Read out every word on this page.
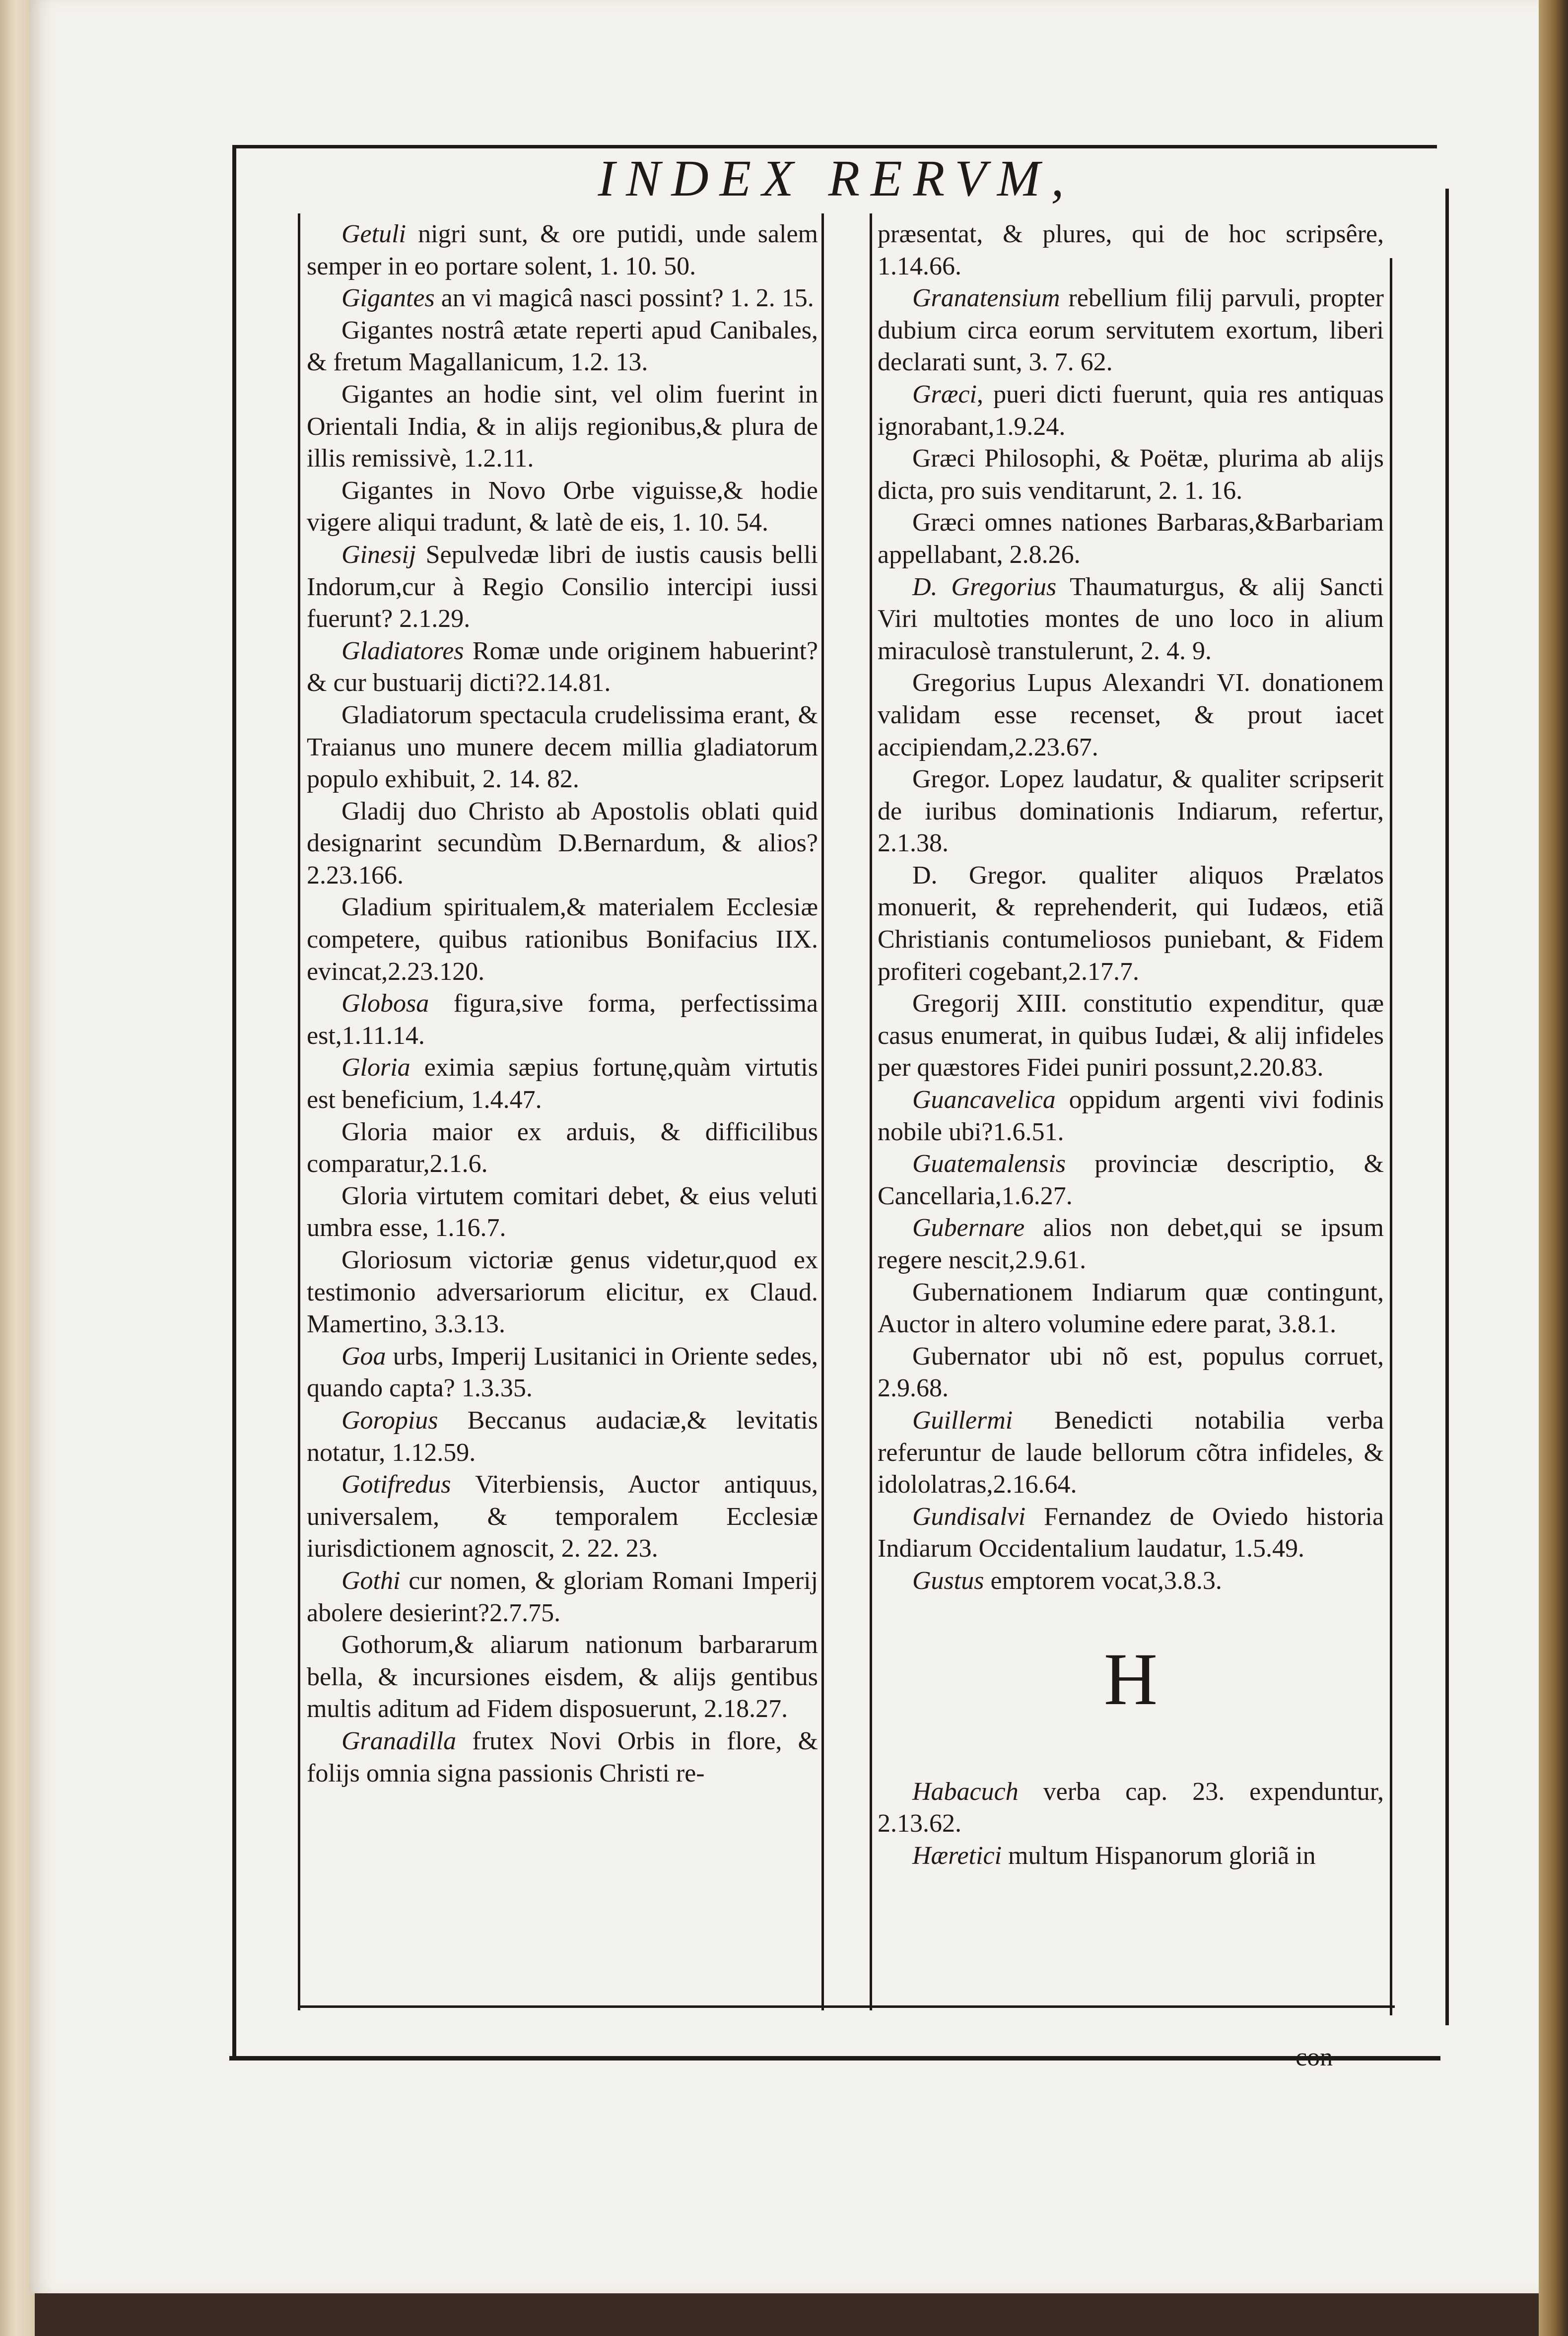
INDEX RERVM,

Getuli nigri sunt, & ore putidi, unde salem semper in eo portare solent, 1. 10. 50.

Gigantes an vi magicâ nasci possint? 1. 2. 15.

Gigantes nostrâ ætate reperti apud Canibales, & fretum Magallanicum, 1.2. 13.

Gigantes an hodie sint, vel olim fuerint in Orientali India, & in alijs regionibus,& plura de illis remissivè, 1.2.11.

Gigantes in Novo Orbe viguisse,& hodie vigere aliqui tradunt, & latè de eis, 1. 10. 54.

Ginesij Sepulvedæ libri de iustis causis belli Indorum,cur à Regio Consilio intercipi iussi fuerunt? 2.1.29.

Gladiatores Romæ unde originem habuerint? & cur bustuarij dicti?2.14.81.

Gladiatorum spectacula crudelissima erant, & Traianus uno munere decem millia gladiatorum populo exhibuit, 2. 14. 82.

Gladij duo Christo ab Apostolis oblati quid designarint secundùm D.Bernardum, & alios?2.23.166.

Gladium spiritualem,& materialem Ecclesiæ competere, quibus rationibus Bonifacius IIX. evincat,2.23.120.

Globosa figura,sive forma, perfectissima est,1.11.14.

Gloria eximia sæpius fortunę,quàm virtutis est beneficium, 1.4.47.

Gloria maior ex arduis, & difficilibus comparatur,2.1.6.

Gloria virtutem comitari debet, & eius veluti umbra esse, 1.16.7.

Gloriosum victoriæ genus videtur,quod ex testimonio adversariorum elicitur, ex Claud. Mamertino, 3.3.13.

Goa urbs, Imperij Lusitanici in Oriente sedes, quando capta? 1.3.35.

Goropius Beccanus audaciæ,& levitatis notatur, 1.12.59.

Gotifredus Viterbiensis, Auctor antiquus, universalem, & temporalem Ecclesiæ iurisdictionem agnoscit, 2. 22. 23.

Gothi cur nomen, & gloriam Romani Imperij abolere desierint?2.7.75.

Gothorum,& aliarum nationum barbararum bella, & incursiones eisdem, & alijs gentibus multis aditum ad Fidem disposuerunt, 2.18.27.

Granadilla frutex Novi Orbis in flore, & folijs omnia signa passionis Christi re-

præsentat, & plures, qui de hoc scripsêre, 1.14.66.

Granatensium rebellium filij parvuli, propter dubium circa eorum servitutem exortum, liberi declarati sunt, 3. 7. 62.

Græci, pueri dicti fuerunt, quia res antiquas ignorabant,1.9.24.

Græci Philosophi, & Poëtæ, plurima ab alijs dicta, pro suis venditarunt, 2. 1. 16.

Græci omnes nationes Barbaras,&Barbariam appellabant, 2.8.26.

D. Gregorius Thaumaturgus, & alij Sancti Viri multoties montes de uno loco in alium miraculosè transtulerunt, 2. 4. 9.

Gregorius Lupus Alexandri VI. donationem validam esse recenset, & prout iacet accipiendam,2.23.67.

Gregor. Lopez laudatur, & qualiter scripserit de iuribus dominationis Indiarum, refertur, 2.1.38.

D. Gregor. qualiter aliquos Prælatos monuerit, & reprehenderit, qui Iudæos, etiã Christianis contumeliosos puniebant, & Fidem profiteri cogebant,2.17.7.

Gregorij XIII. constitutio expenditur, quæ casus enumerat, in quibus Iudæi, & alij infideles per quæstores Fidei puniri possunt,2.20.83.

Guancavelica oppidum argenti vivi fodinis nobile ubi?1.6.51.

Guatemalensis provinciæ descriptio, & Cancellaria,1.6.27.

Gubernare alios non debet,qui se ipsum regere nescit,2.9.61.

Gubernationem Indiarum quæ contingunt, Auctor in altero volumine edere parat, 3.8.1.

Gubernator ubi nõ est, populus corruet, 2.9.68.

Guillermi Benedicti notabilia verba referuntur de laude bellorum cõtra infideles, & idololatras,2.16.64.

Gundisalvi Fernandez de Oviedo historia Indiarum Occidentalium laudatur, 1.5.49.

Gustus emptorem vocat,3.8.3.

H

Habacuch verba cap. 23. expenduntur, 2.13.62.

Hæretici multum Hispanorum gloriã in

con-
